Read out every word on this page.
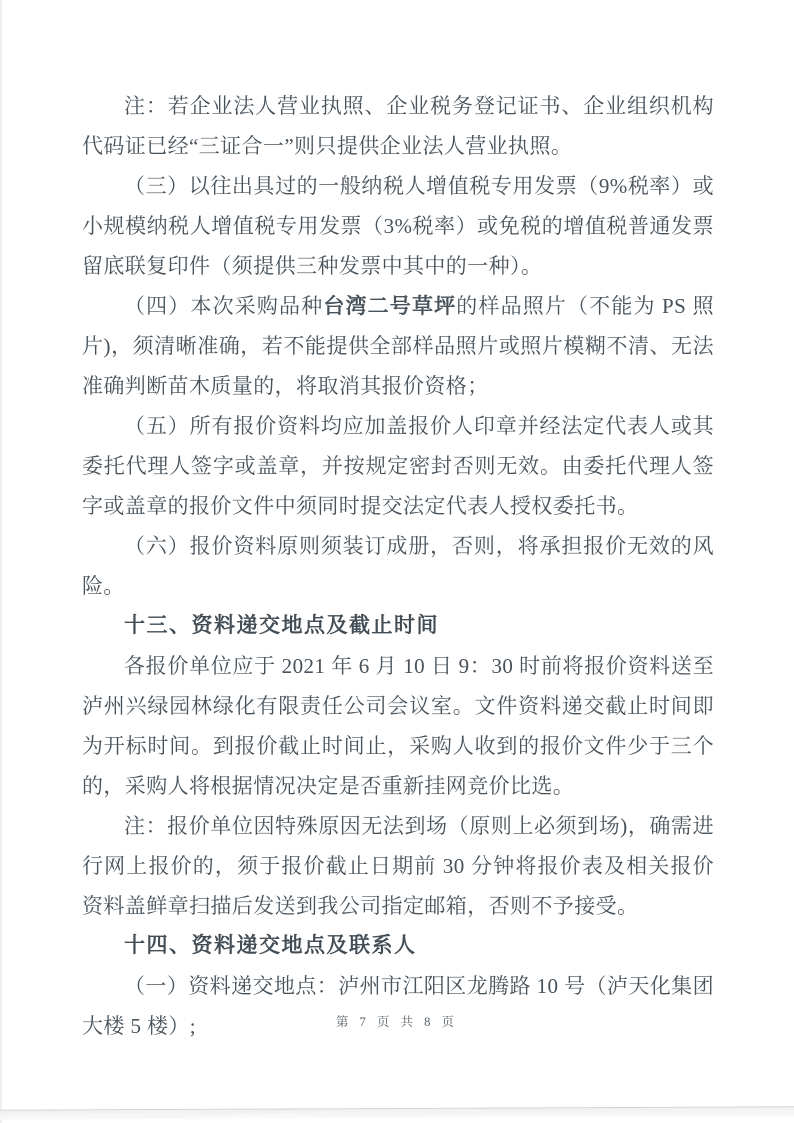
注：若企业法人营业执照、企业税务登记证书、企业组织机构代码证已经“三证合一”则只提供企业法人营业执照。

（三）以往出具过的一般纳税人增值税专用发票（9%税率）或小规模纳税人增值税专用发票（3%税率）或免税的增值税普通发票留底联复印件（须提供三种发票中其中的一种）。

（四）本次采购品种台湾二号草坪的样品照片（不能为 PS 照片)，须清晰准确，若不能提供全部样品照片或照片模糊不清、无法准确判断苗木质量的，将取消其报价资格；

（五）所有报价资料均应加盖报价人印章并经法定代表人或其委托代理人签字或盖章，并按规定密封否则无效。由委托代理人签字或盖章的报价文件中须同时提交法定代表人授权委托书。

（六）报价资料原则须装订成册，否则，将承担报价无效的风险。

十三、资料递交地点及截止时间

各报价单位应于 2021 年 6 月 10 日 9：30 时前将报价资料送至泸州兴绿园林绿化有限责任公司会议室。文件资料递交截止时间即为开标时间。到报价截止时间止，采购人收到的报价文件少于三个的，采购人将根据情况决定是否重新挂网竞价比选。

注：报价单位因特殊原因无法到场（原则上必须到场)，确需进行网上报价的，须于报价截止日期前 30 分钟将报价表及相关报价资料盖鲜章扫描后发送到我公司指定邮箱，否则不予接受。

十四、资料递交地点及联系人

（一）资料递交地点：泸州市江阳区龙腾路 10 号（泸天化集团大楼 5 楼）;	第 7 页 共 8 页
